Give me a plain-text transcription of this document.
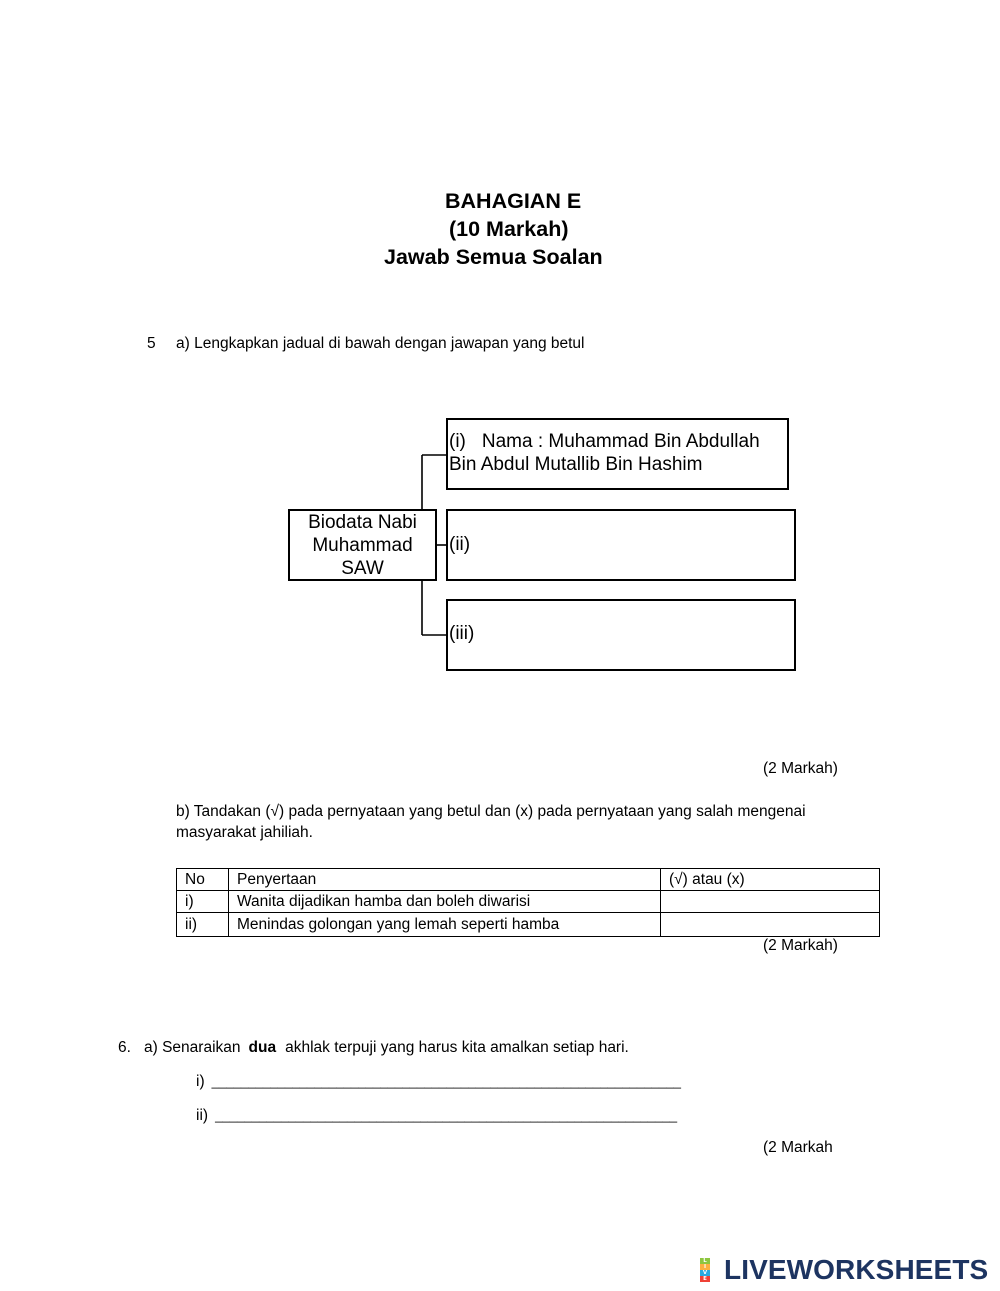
BAHAGIAN E
(10 Markah)
Jawab Semua Soalan
5 a) Lengkapkan jadual di bawah dengan jawapan yang betul
Biodata Nabi
Muhammad
SAW
(i) Nama : Muhammad Bin Abdullah
Bin Abdul Mutallib Bin Hashim
(ii)
(iii)
(2 Markah)
b) Tandakan (√) pada pernyataan yang betul dan (x) pada pernyataan yang salah mengenai
masyarakat jahiliah.
No	Penyertaan	(√) atau (x)
i)	Wanita dijadikan hamba dan boleh diwarisi	
ii)	Menindas golongan yang lemah seperti hamba	
(2 Markah)
6. a) Senaraikan dua akhlak terpuji yang harus kita amalkan setiap hari.
i) ________________________________________________________________
ii) _______________________________________________________________
(2 Markah
L
I
V
E LIVEWORKSHEETS
